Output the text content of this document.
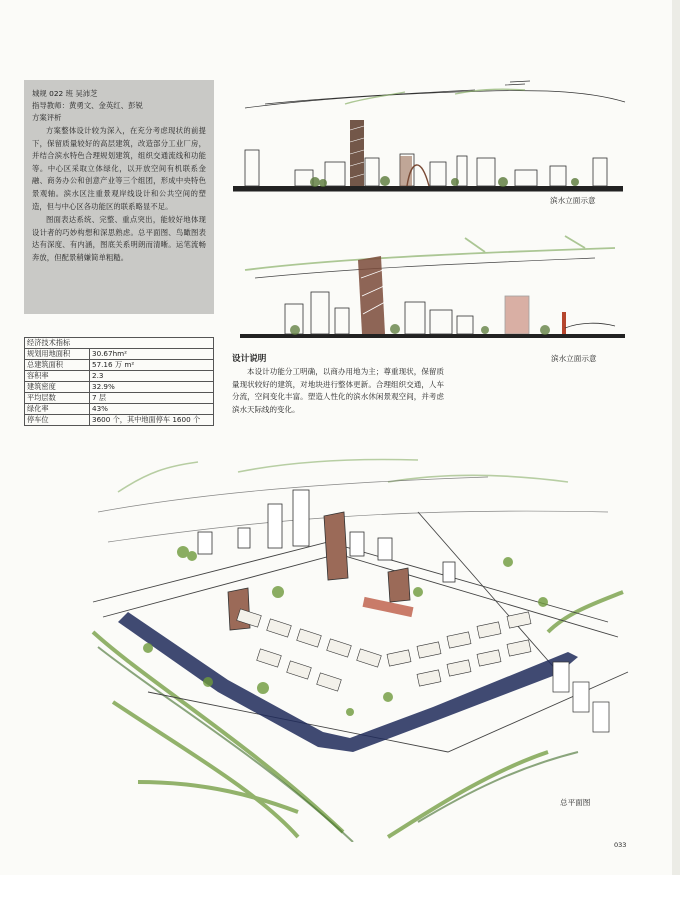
城规 022 班 吴沛芝
指导教师：黄勇文、金英红、彭锐
方案评析

方案整体设计较为深入，在充分考虑现状的前提下，保留质量较好的高层建筑，改造部分工业厂房，并结合滨水特色合理规划建筑，组织交通流线和功能等。中心区采取立体绿化，以开放空间有机联系金融、商务办公和创意产业等三个组团，形成中央特色景观轴。滨水区注重景观岸线设计和公共空间的塑造，但与中心区各功能区的联系略显不足。

图面表达系统、完整、重点突出，能较好地体现设计者的巧妙构想和深思熟虑。总平面图、鸟瞰图表达有深度、有内涵，图底关系明朗而清晰。运笔流畅奔放，但配景稍嫌简单粗糙。

经济技术指标	
规划用地面积	30.67hm²
总建筑面积	57.16 万 m²
容积率	2.3
建筑密度	32.9%
平均层数	7 层
绿化率	43%
停车位	3600 个，其中地面停车 1600 个
滨水立面示意
滨水立面示意
设计说明

本设计功能分工明确，以商办用地为主；尊重现状，保留质量现状较好的建筑，对地块进行整体更新。合理组织交通，人车分流，空间变化丰富。塑造人性化的滨水休闲景观空间，并考虑滨水天际线的变化。

总平面图
033
